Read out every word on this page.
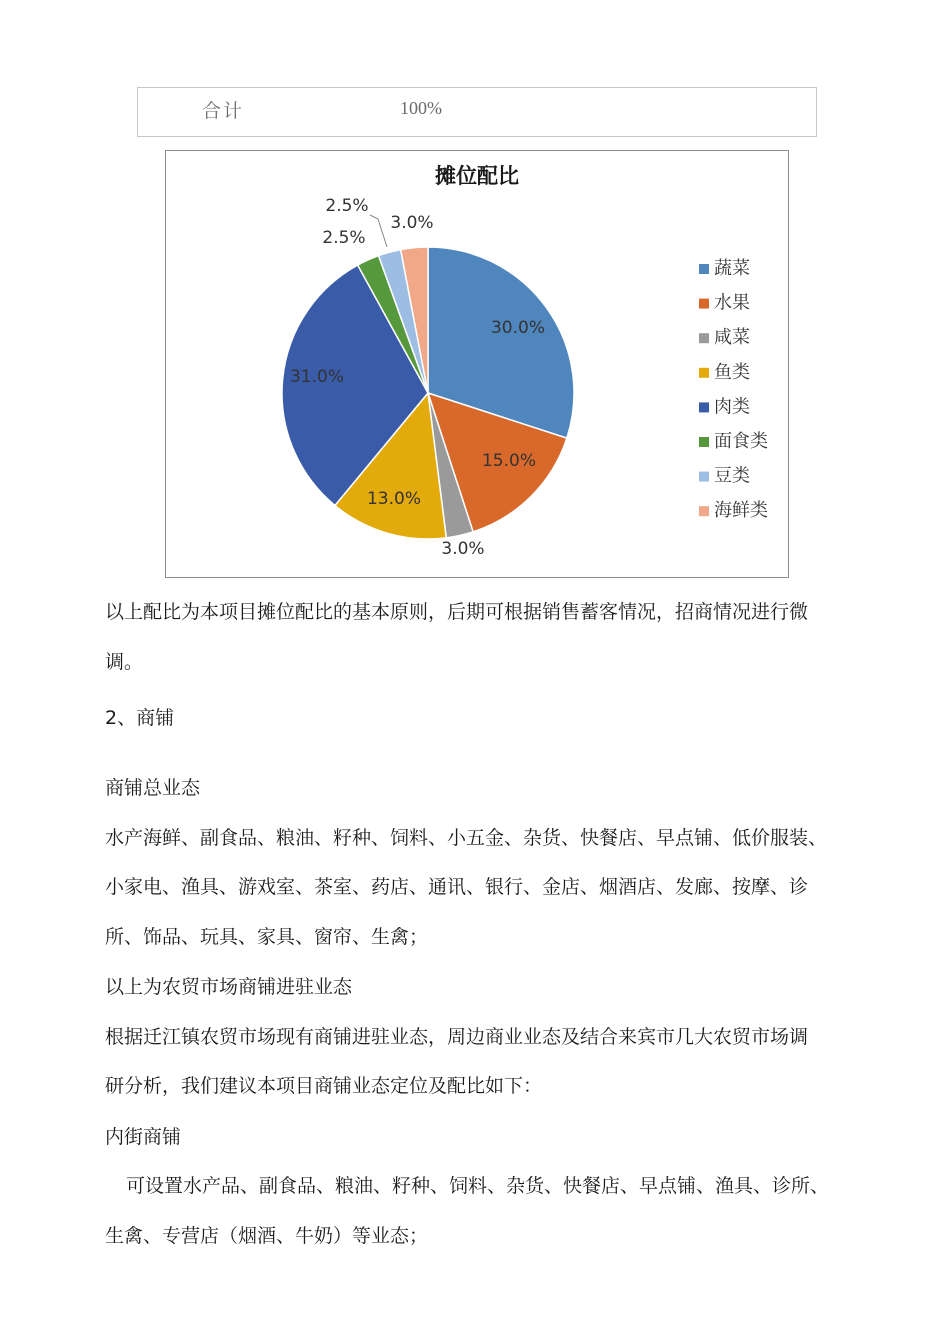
合计	100%
摊位配比
30.0%
15.0%
3.0%
13.0%
31.0%
2.5%
2.5%
3.0%
蔬菜
水果
咸菜
鱼类
肉类
面食类
豆类
海鲜类
以上配比为本项目摊位配比的基本原则，后期可根据销售蓄客情况，招商情况进行微
调。
2、商铺
商铺总业态
水产海鲜、副食品、粮油、籽种、饲料、小五金、杂货、快餐店、早点铺、低价服装、
小家电、渔具、游戏室、茶室、药店、通讯、银行、金店、烟酒店、发廊、按摩、诊
所、饰品、玩具、家具、窗帘、生禽；
以上为农贸市场商铺进驻业态
根据迁江镇农贸市场现有商铺进驻业态，周边商业业态及结合来宾市几大农贸市场调
研分析，我们建议本项目商铺业态定位及配比如下：
内街商铺
可设置水产品、副食品、粮油、籽种、饲料、杂货、快餐店、早点铺、渔具、诊所、
生禽、专营店（烟酒、牛奶）等业态；
